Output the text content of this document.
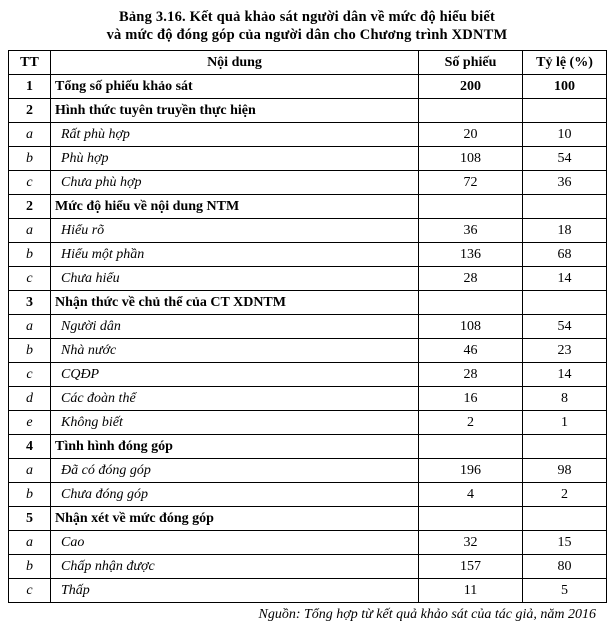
Bảng 3.16. Kết quả khảo sát người dân về mức độ hiểu biết
và mức độ đóng góp của người dân cho Chương trình XDNTM
TT	Nội dung	Số phiếu	Tỷ lệ (%)
1	Tổng số phiếu khảo sát	200	100
2	Hình thức tuyên truyền thực hiện		
a	Rất phù hợp	20	10
b	Phù hợp	108	54
c	Chưa phù hợp	72	36
2	Mức độ hiểu về nội dung NTM		
a	Hiểu rõ	36	18
b	Hiểu một phần	136	68
c	Chưa hiểu	28	14
3	Nhận thức về chủ thể của CT XDNTM		
a	Người dân	108	54
b	Nhà nước	46	23
c	CQĐP	28	14
d	Các đoàn thể	16	8
e	Không biết	2	1
4	Tình hình đóng góp		
a	Đã có đóng góp	196	98
b	Chưa đóng góp	4	2
5	Nhận xét về mức đóng góp		
a	Cao	32	15
b	Chấp nhận được	157	80
c	Thấp	11	5
Nguồn: Tổng hợp từ kết quả khảo sát của tác giả, năm 2016
